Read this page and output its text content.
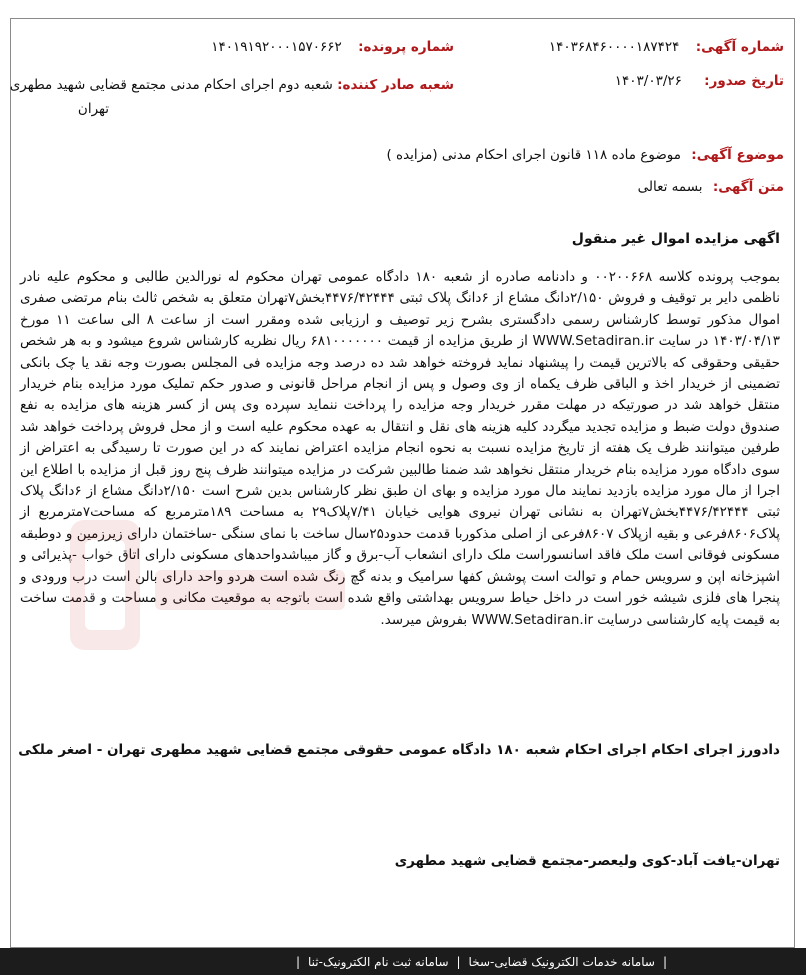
شماره آگهی: ۱۴۰۳۶۸۴۶۰۰۰۰۱۸۷۴۲۴
شماره پرونده: ۱۴۰۱۹۱۹۲۰۰۰۱۵۷۰۶۶۲
تاریخ صدور: ۱۴۰۳/۰۳/۲۶
شعبه صادر کننده: شعبه دوم اجرای احکام مدنی مجتمع قضایی شهید مطهری
تهران
موضوع آگهی: موضوع ماده ۱۱۸ قانون اجرای احکام مدنی (مزایده )
متن آگهی: بسمه تعالی
اگهی مزایده اموال غیر منقول

بموجب پرونده کلاسه ۰۰۲۰۰۶۶۸ و دادنامه صادره از شعبه ۱۸۰ دادگاه عمومی تهران محکوم له نورالدین طالبی و محکوم علیه نادر ناظمی دایر بر توقیف و فروش ۲/۱۵۰دانگ مشاع از ۶دانگ پلاک ثبتی ۴۴۷۶/۴۲۴۴۴بخش۷تهران متعلق به شخص ثالث بنام مرتضی صفری اموال مذکور توسط کارشناس رسمی دادگستری بشرح زیر توصیف و ارزیابی شده ومقرر است از ساعت ۸ الی ساعت ۱۱ مورخ ۱۴۰۳/۰۴/۱۳ در سایت WWW.Setadiran.ir از طریق مزایده از قیمت ۶۸۱۰۰۰۰۰۰۰ ریال نظریه کارشناس شروع میشود و به هر شخص حقیقی وحقوقی که بالاترین قیمت را پیشنهاد نماید فروخته خواهد شد ده درصد وجه مزایده فی المجلس بصورت وجه نقد یا چک بانکی تضمینی از خریدار اخذ و الباقی ظرف یکماه از وی وصول و پس از انجام مراحل قانونی و صدور حکم تملیک مورد مزایده بنام خریدار منتقل خواهد شد در صورتیکه در مهلت مقرر خریدار وجه مزایده را پرداخت ننماید سپرده وی پس از کسر هزینه های مزایده به نفع صندوق دولت ضبط و مزایده تجدید میگردد کلیه هزینه های نقل و انتقال به عهده محکوم علیه است و از محل فروش پرداخت خواهد شد طرفین میتوانند ظرف یک هفته از تاریخ مزایده نسبت به نحوه انجام مزایده اعتراض نمایند که در این صورت تا رسیدگی به اعتراض از سوی دادگاه مورد مزایده بنام خریدار منتقل نخواهد شد ضمنا طالبین شرکت در مزایده میتوانند ظرف پنج روز قبل از مزایده با اطلاع این اجرا از مال مورد مزایده بازدید نمایند مال مورد مزایده و بهای ان طبق نظر کارشناس بدین شرح است ۲/۱۵۰دانگ مشاع از ۶دانگ پلاک ثبتی ۴۴۷۶/۴۲۴۴۴بخش۷تهران به نشانی تهران نیروی هوایی خیابان ۷/۴۱پلاک۲۹ به مساحت ۱۸۹مترمربع که مساحت۷مترمربع از پلاک۸۶۰۶فرعی و بقیه ازپلاک ۸۶۰۷فرعی از اصلی مذکوربا قدمت حدود۲۵سال ساخت با نمای سنگی -ساختمان دارای زیرزمین و دوطبقه مسکونی فوقانی است ملک فاقد اسانسوراست ملک دارای انشعاب آب-برق و گاز میباشدواحدهای مسکونی دارای اتاق خواب -پذیرائی و اشپزخانه اپن و سرویس حمام و توالت است پوشش کفها سرامیک و بدنه گچ رنگ شده است هردو واحد دارای بالن است درب ورودی و پنجرا های فلزی شیشه خور است در داخل حیاط سرویس بهداشتی واقع شده است باتوجه به موقعیت مکانی و مساحت و قدمت ساخت به قیمت پایه کارشناسی درسایت WWW.Setadiran.ir بفروش میرسد.

دادورز اجرای احکام اجرای احکام شعبه ۱۸۰ دادگاه عمومی حقوقی مجتمع قضایی شهید مطهری تهران - اصغر ملکی
تهران-یافت آباد-کوی ولیعصر-مجتمع قضایی شهید مطهری
|
سامانه خدمات الکترونیک قضایی-سخا
|
سامانه ثبت نام الکترونیک-ثنا
|
